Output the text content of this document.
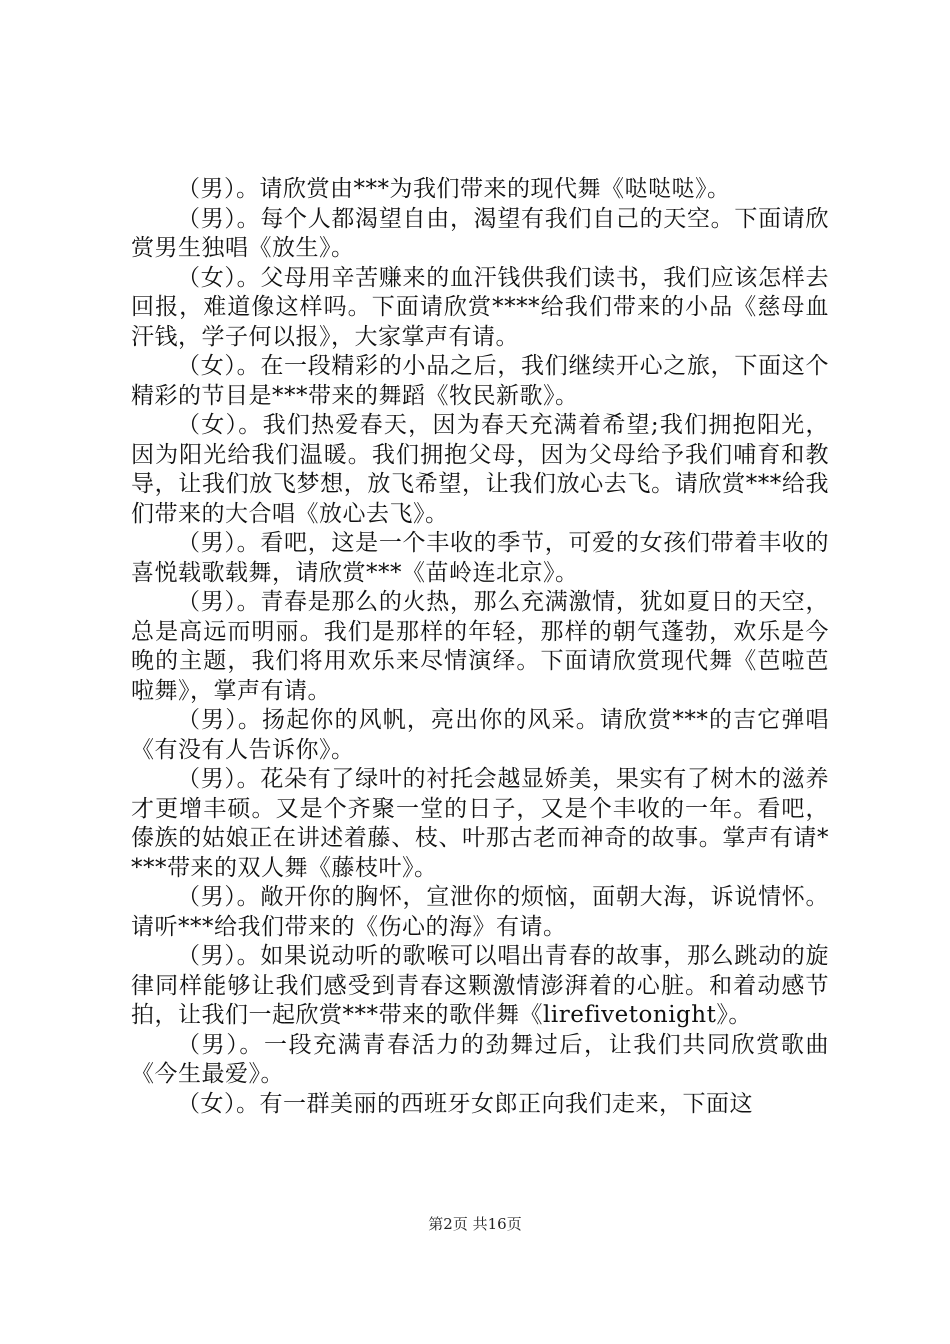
（男）。请欣赏由***为我们带来的现代舞《哒哒哒》。

（男）。每个人都渴望自由，渴望有我们自己的天空。下面请欣赏男生独唱《放生》。

（女）。父母用辛苦赚来的血汗钱供我们读书，我们应该怎样去回报，难道像这样吗。下面请欣赏****给我们带来的小品《慈母血汗钱，学子何以报》，大家掌声有请。

（女）。在一段精彩的小品之后，我们继续开心之旅，下面这个精彩的节目是***带来的舞蹈《牧民新歌》。

（女）。我们热爱春天，因为春天充满着希望;我们拥抱阳光，因为阳光给我们温暖。我们拥抱父母，因为父母给予我们哺育和教导，让我们放飞梦想，放飞希望，让我们放心去飞。请欣赏***给我们带来的大合唱《放心去飞》。

（男）。看吧，这是一个丰收的季节，可爱的女孩们带着丰收的喜悦载歌载舞，请欣赏***《苗岭连北京》。

（男）。青春是那么的火热，那么充满激情，犹如夏日的天空，总是高远而明丽。我们是那样的年轻，那样的朝气蓬勃，欢乐是今晚的主题，我们将用欢乐来尽情演绎。下面请欣赏现代舞《芭啦芭啦舞》，掌声有请。

（男）。扬起你的风帆，亮出你的风采。请欣赏***的吉它弹唱《有没有人告诉你》。

（男）。花朵有了绿叶的衬托会越显娇美，果实有了树木的滋养才更增丰硕。又是个齐聚一堂的日子，又是个丰收的一年。看吧，傣族的姑娘正在讲述着藤、枝、叶那古老而神奇的故事。掌声有请****带来的双人舞《藤枝叶》。

（男）。敞开你的胸怀，宣泄你的烦恼，面朝大海，诉说情怀。请听***给我们带来的《伤心的海》有请。

（男）。如果说动听的歌喉可以唱出青春的故事，那么跳动的旋律同样能够让我们感受到青春这颗激情澎湃着的心脏。和着动感节拍，让我们一起欣赏***带来的歌伴舞《lirefivetonight》。

（男）。一段充满青春活力的劲舞过后，让我们共同欣赏歌曲《今生最爱》。

（女）。有一群美丽的西班牙女郎正向我们走来，下面这

第2页 共16页
